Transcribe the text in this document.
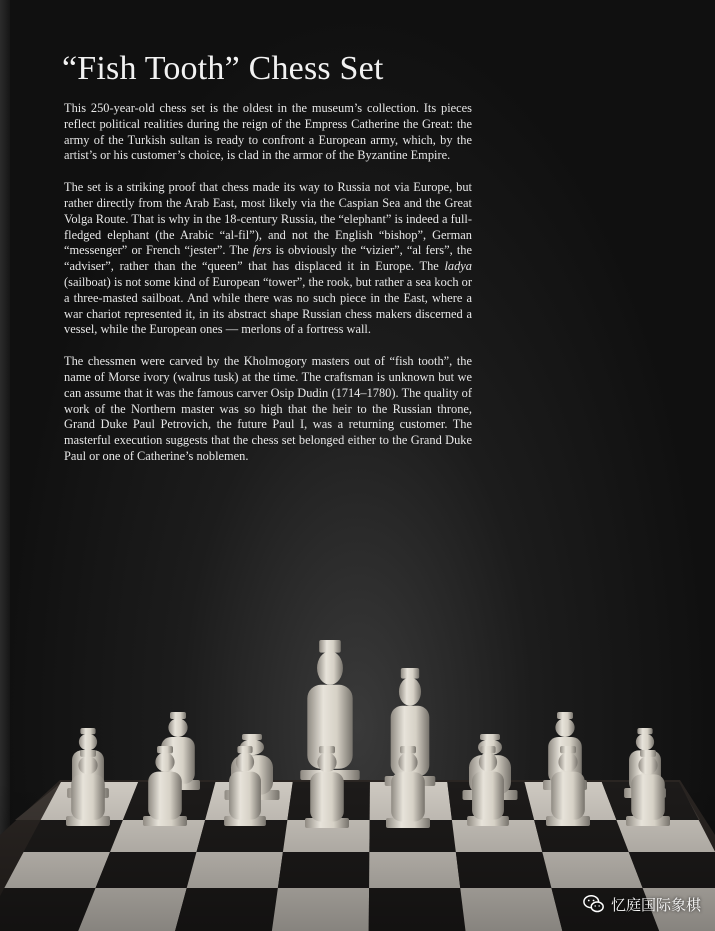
“Fish Tooth” Chess Set

This 250-year-old chess set is the oldest in the museum’s collection. Its pieces reflect political realities during the reign of the Empress Catherine the Great: the army of the Turkish sultan is ready to confront a European army, which, by the artist’s or his customer’s choice, is clad in the armor of the Byzantine Empire.

The set is a striking proof that chess made its way to Russia not via Europe, but rather directly from the Arab East, most likely via the Caspian Sea and the Great Volga Route. That is why in the 18-century Russia, the “elephant” is indeed a full-fledged elephant (the Arabic “al-fil”), and not the English “bishop”, German “messenger” or French “jester”. The fers is obviously the “vizier”, “al fers”, the “adviser”, rather than the “queen” that has displaced it in Europe. The ladya (sailboat) is not some kind of European “tower”, the rook, but rather a sea koch or a three-masted sailboat. And while there was no such piece in the East, where a war chariot represented it, in its abstract shape Russian chess makers discerned a vessel, while the European ones — merlons of a fortress wall.

The chessmen were carved by the Kholmogory masters out of “fish tooth”, the name of Morse ivory (walrus tusk) at the time. The craftsman is unknown but we can assume that it was the famous carver Osip Dudin (1714–1780). The quality of work of the Northern master was so high that the heir to the Russian throne, Grand Duke Paul Petrovich, the future Paul I, was a returning customer. The masterful execution suggests that the chess set belonged either to the Grand Duke Paul or one of Catherine’s noblemen.

忆庭国际象棋
